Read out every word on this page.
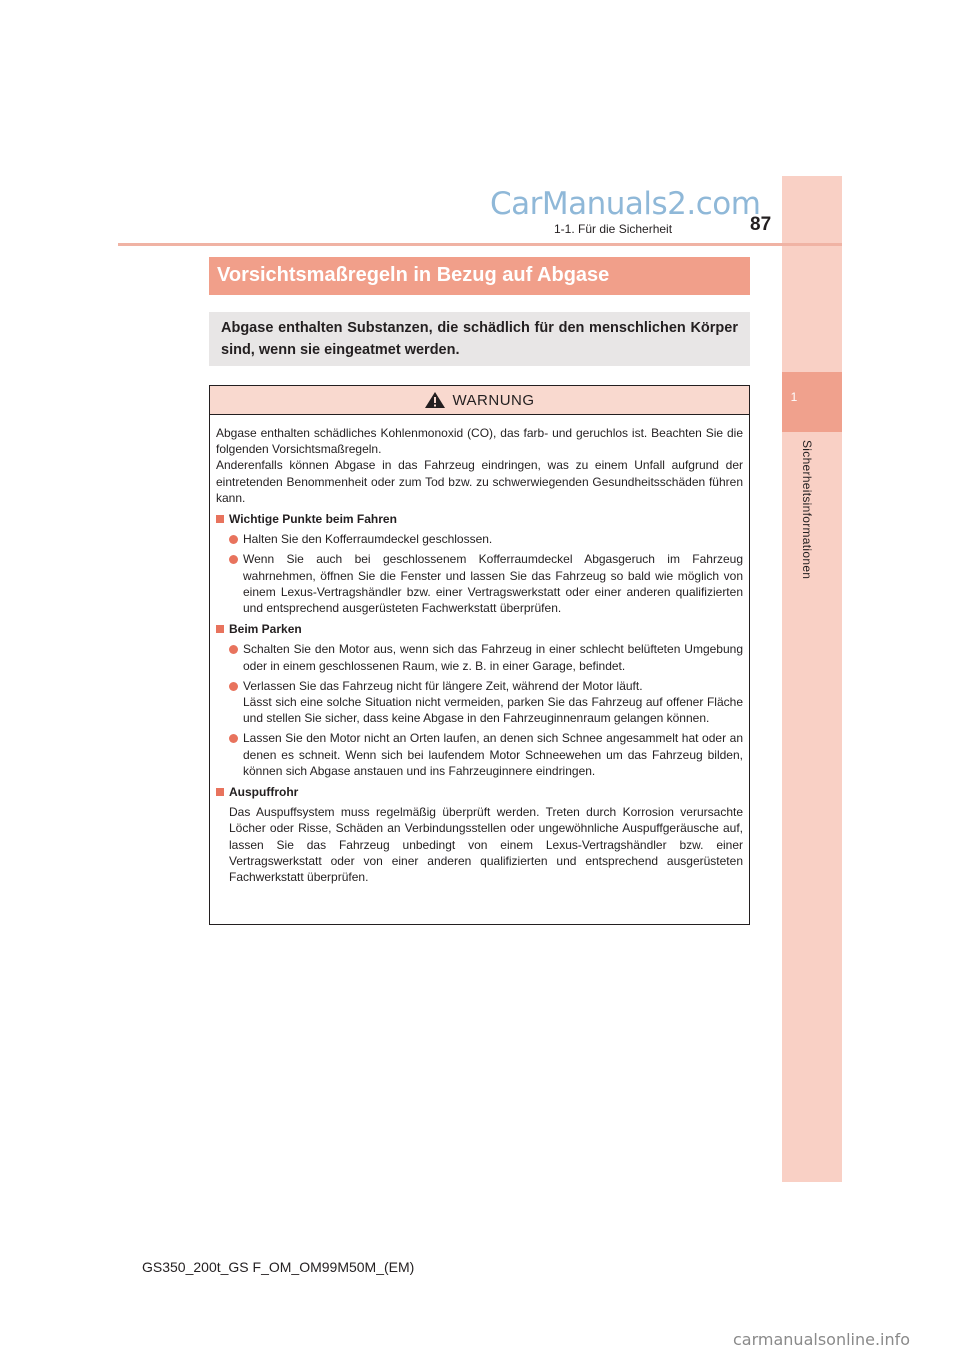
CarManuals2.com
1
Sicherheitsinformationen
1-1. Für die Sicherheit	87
Vorsichtsmaßregeln in Bezug auf Abgase
Abgase enthalten Substanzen, die schädlich für den menschlichen Körper sind, wenn sie eingeatmet werden.
WARNUNG

Abgase enthalten schädliches Kohlenmonoxid (CO), das farb- und geruchlos ist. Beachten Sie die folgenden Vorsichtsmaßregeln.

Anderenfalls können Abgase in das Fahrzeug eindringen, was zu einem Unfall aufgrund der eintretenden Benommenheit oder zum Tod bzw. zu schwerwiegenden Gesundheitsschäden führen kann.

Wichtige Punkte beim Fahren
Halten Sie den Kofferraumdeckel geschlossen.
Wenn Sie auch bei geschlossenem Kofferraumdeckel Abgasgeruch im Fahrzeug wahrnehmen, öffnen Sie die Fenster und lassen Sie das Fahrzeug so bald wie möglich von einem Lexus-Vertragshändler bzw. einer Vertragswerkstatt oder einer anderen qualifizierten und entsprechend ausgerüsteten Fachwerkstatt überprüfen.
Beim Parken
Schalten Sie den Motor aus, wenn sich das Fahrzeug in einer schlecht belüfteten Umgebung oder in einem geschlossenen Raum, wie z. B. in einer Garage, befindet.
Verlassen Sie das Fahrzeug nicht für längere Zeit, während der Motor läuft.
Lässt sich eine solche Situation nicht vermeiden, parken Sie das Fahrzeug auf offener Fläche und stellen Sie sicher, dass keine Abgase in den Fahrzeuginnenraum gelangen können.
Lassen Sie den Motor nicht an Orten laufen, an denen sich Schnee angesammelt hat oder an denen es schneit. Wenn sich bei laufendem Motor Schneewehen um das Fahrzeug bilden, können sich Abgase anstauen und ins Fahrzeuginnere eindringen.
Auspuffrohr
Das Auspuffsystem muss regelmäßig überprüft werden. Treten durch Korrosion verursachte Löcher oder Risse, Schäden an Verbindungsstellen oder ungewöhnliche Auspuffgeräusche auf, lassen Sie das Fahrzeug unbedingt von einem Lexus-Vertragshändler bzw. einer Vertragswerkstatt oder von einer anderen qualifizierten und entsprechend ausgerüsteten Fachwerkstatt überprüfen.
GS350_200t_GS F_OM_OM99M50M_(EM)
carmanualsonline.info
